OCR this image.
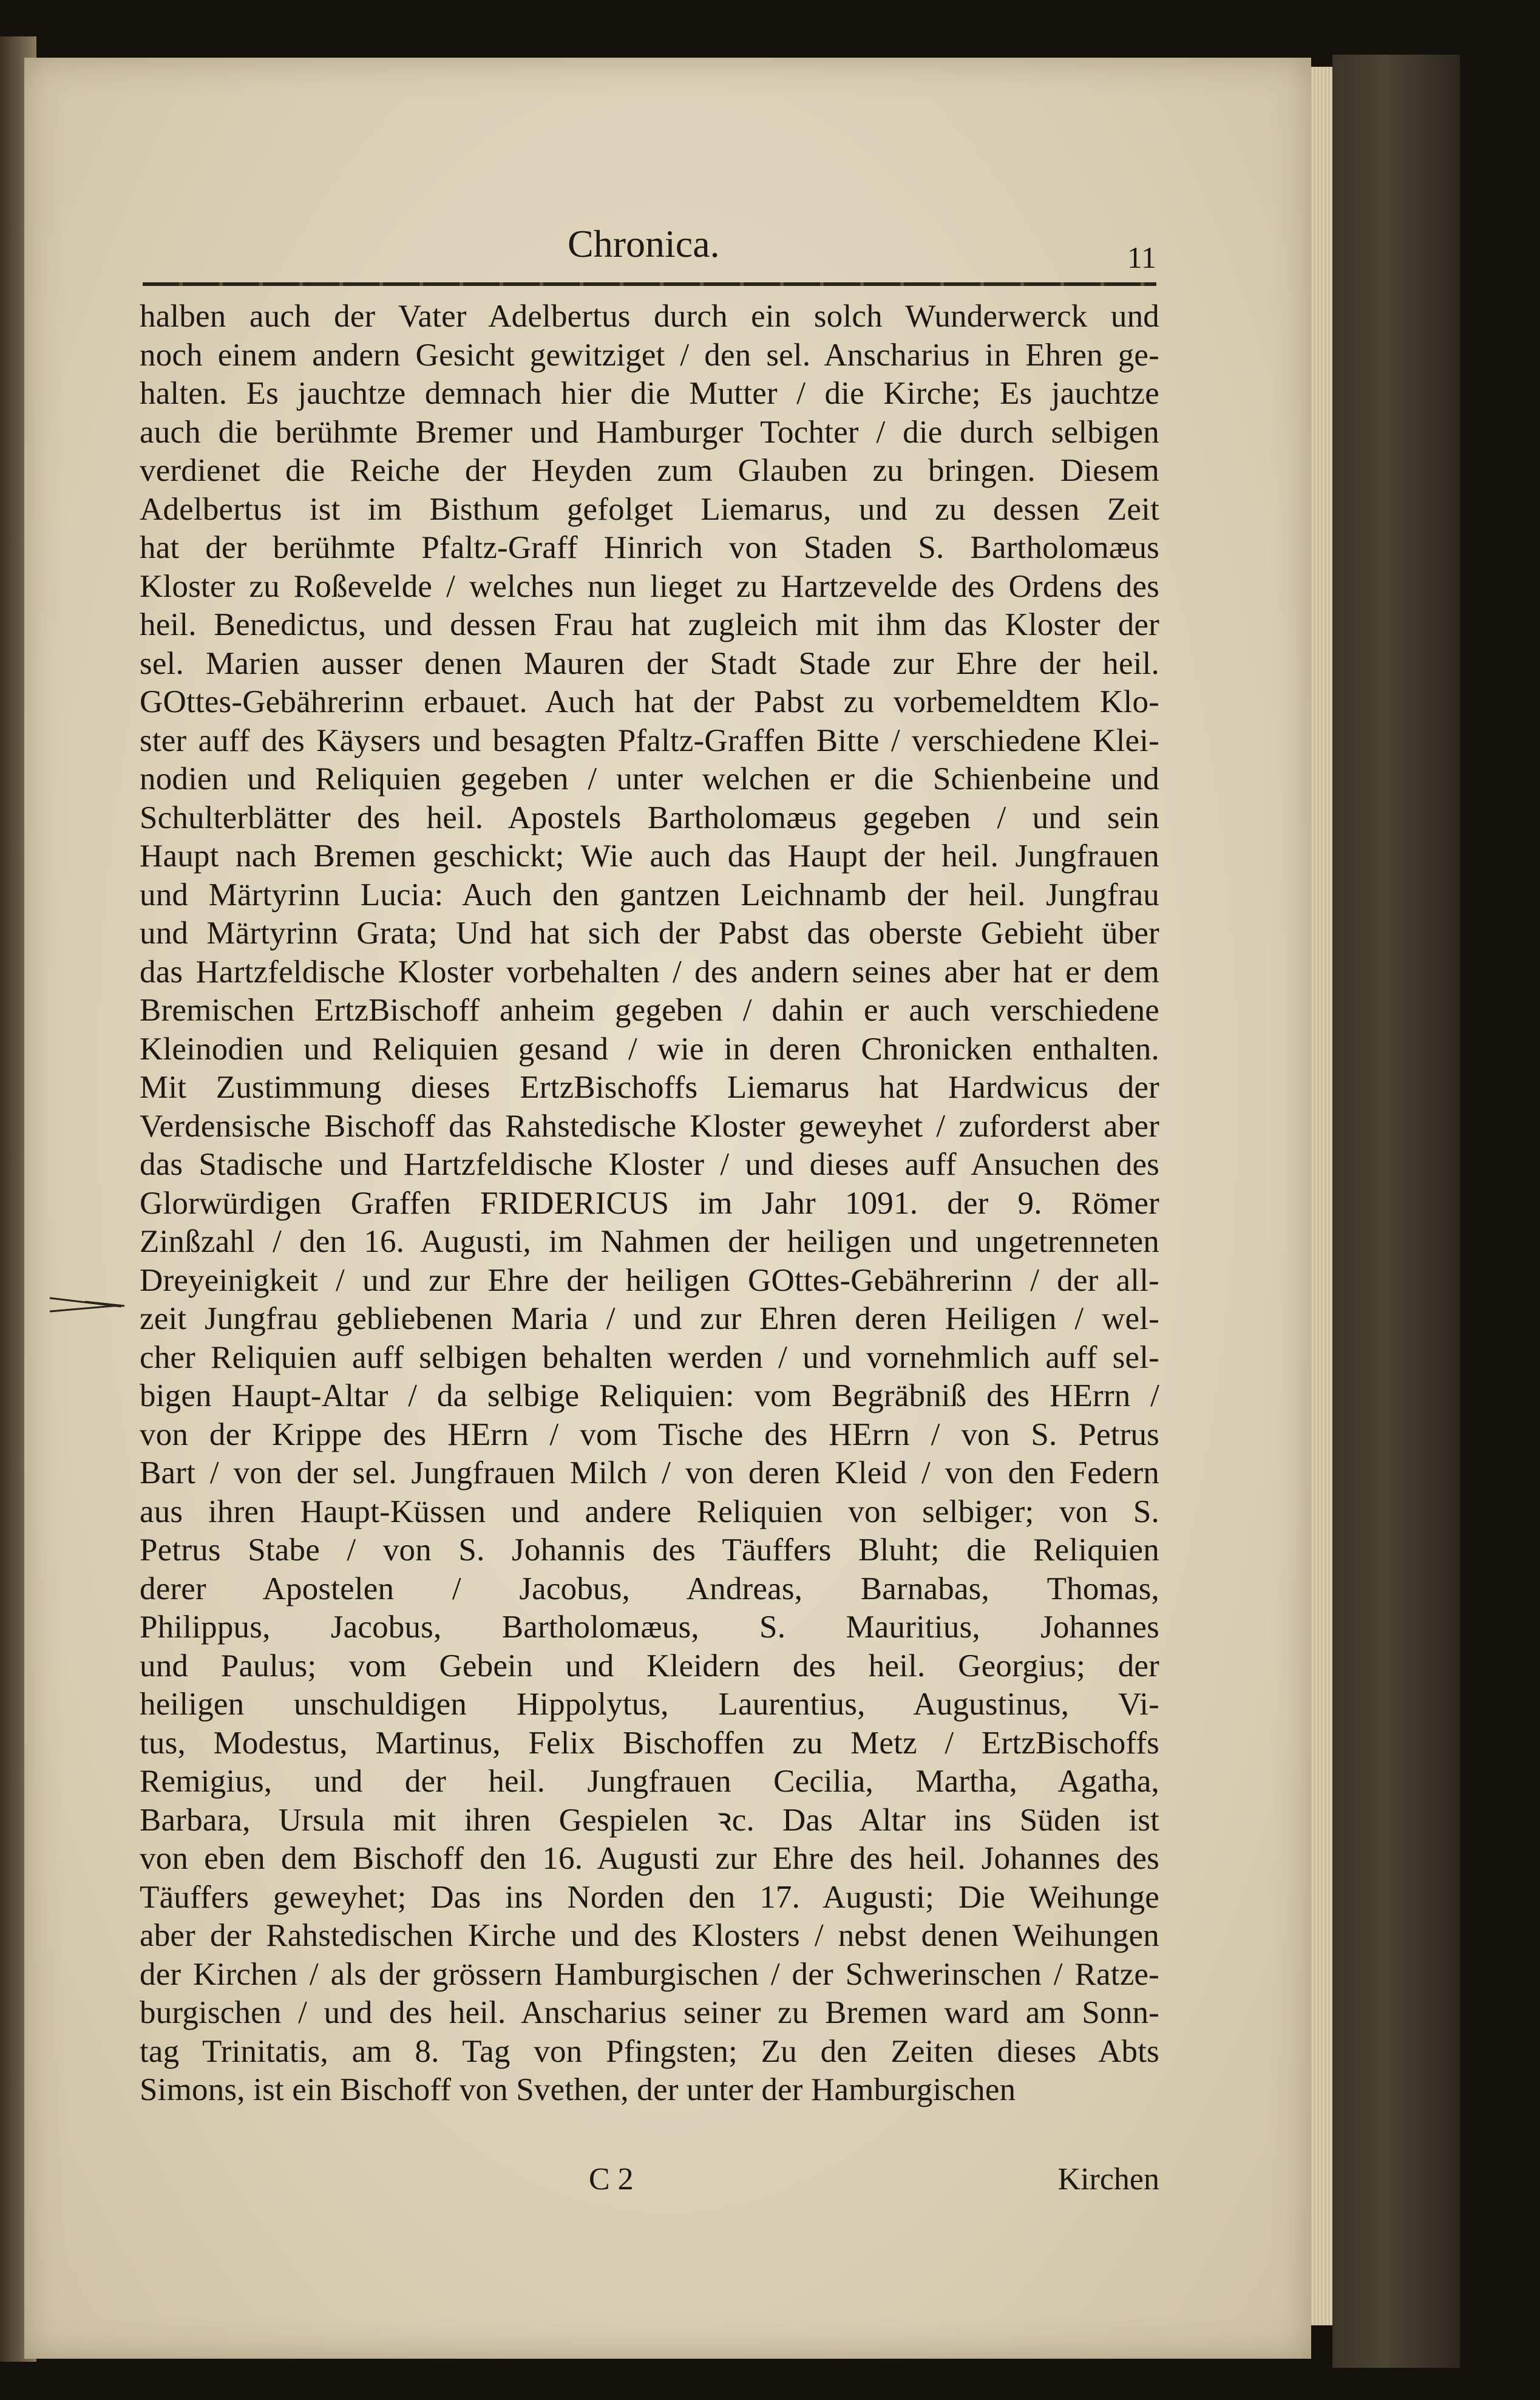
Chronica.	11
halben auch der Vater Adelbertus durch ein solch Wunderwerck und
noch einem andern Gesicht gewitziget / den sel. Anscharius in Ehren ge-
halten. Es jauchtze demnach hier die Mutter / die Kirche; Es jauchtze
auch die berühmte Bremer und Hamburger Tochter / die durch selbigen
verdienet die Reiche der Heyden zum Glauben zu bringen. Diesem
Adelbertus ist im Bisthum gefolget Liemarus, und zu dessen Zeit
hat der berühmte Pfaltz-Graff Hinrich von Staden S. Bartholomæus
Kloster zu Roßevelde / welches nun lieget zu Hartzevelde des Ordens des
heil. Benedictus, und dessen Frau hat zugleich mit ihm das Kloster der
sel. Marien ausser denen Mauren der Stadt Stade zur Ehre der heil.
GOttes-Gebährerinn erbauet. Auch hat der Pabst zu vorbemeldtem Klo-
ster auff des Käysers und besagten Pfaltz-Graffen Bitte / verschiedene Klei-
nodien und Reliquien gegeben / unter welchen er die Schienbeine und
Schulterblätter des heil. Apostels Bartholomæus gegeben / und sein
Haupt nach Bremen geschickt; Wie auch das Haupt der heil. Jungfrauen
und Märtyrinn Lucia: Auch den gantzen Leichnamb der heil. Jungfrau
und Märtyrinn Grata; Und hat sich der Pabst das oberste Gebieht über
das Hartzfeldische Kloster vorbehalten / des andern seines aber hat er dem
Bremischen ErtzBischoff anheim gegeben / dahin er auch verschiedene
Kleinodien und Reliquien gesand / wie in deren Chronicken enthalten.
Mit Zustimmung dieses ErtzBischoffs Liemarus hat Hardwicus der
Verdensische Bischoff das Rahstedische Kloster geweyhet / zuforderst aber
das Stadische und Hartzfeldische Kloster / und dieses auff Ansuchen des
Glorwürdigen Graffen FRIDERICUS im Jahr 1091. der 9. Römer
Zinßzahl / den 16. Augusti, im Nahmen der heiligen und ungetrenneten
Dreyeinigkeit / und zur Ehre der heiligen GOttes-Gebährerinn / der all-
zeit Jungfrau gebliebenen Maria / und zur Ehren deren Heiligen / wel-
cher Reliquien auff selbigen behalten werden / und vornehmlich auff sel-
bigen Haupt-Altar / da selbige Reliquien: vom Begräbniß des HErrn /
von der Krippe des HErrn / vom Tische des HErrn / von S. Petrus
Bart / von der sel. Jungfrauen Milch / von deren Kleid / von den Federn
aus ihren Haupt-Küssen und andere Reliquien von selbiger; von S.
Petrus Stabe / von S. Johannis des Täuffers Bluht; die Reliquien
derer Apostelen / Jacobus, Andreas, Barnabas, Thomas,
Philippus, Jacobus, Bartholomæus, S. Mauritius, Johannes
und Paulus; vom Gebein und Kleidern des heil. Georgius; der
heiligen unschuldigen Hippolytus, Laurentius, Augustinus, Vi-
tus, Modestus, Martinus, Felix Bischoffen zu Metz / ErtzBischoffs
Remigius, und der heil. Jungfrauen Cecilia, Martha, Agatha,
Barbara, Ursula mit ihren Gespielen ꝛc. Das Altar ins Süden ist
von eben dem Bischoff den 16. Augusti zur Ehre des heil. Johannes des
Täuffers geweyhet; Das ins Norden den 17. Augusti; Die Weihunge
aber der Rahstedischen Kirche und des Klosters / nebst denen Weihungen
der Kirchen / als der grössern Hamburgischen / der Schwerinschen / Ratze-
burgischen / und des heil. Anscharius seiner zu Bremen ward am Sonn-
tag Trinitatis, am 8. Tag von Pfingsten; Zu den Zeiten dieses Abts
Simons, ist ein Bischoff von Svethen, der unter der Hamburgischen
C 2	Kirchen
